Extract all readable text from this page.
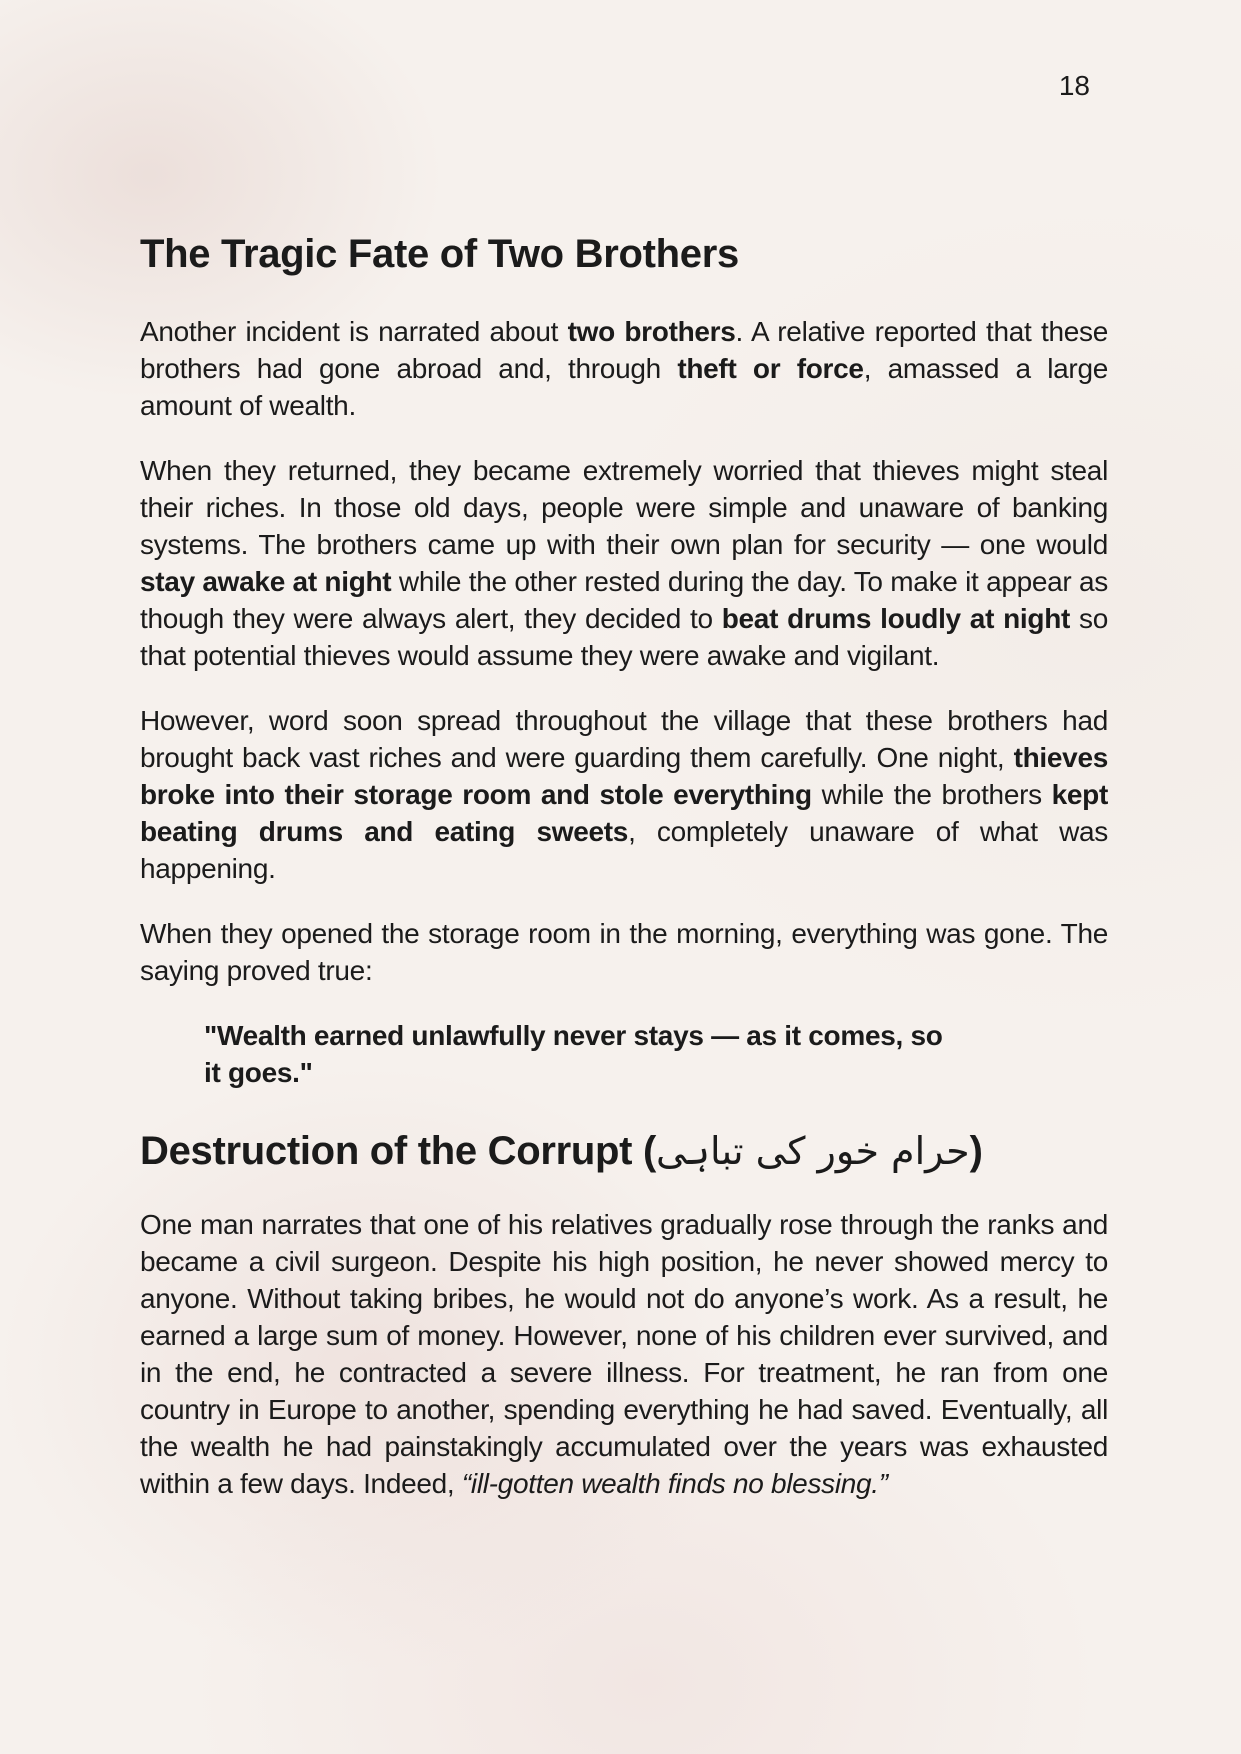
18
The Tragic Fate of Two Brothers

Another incident is narrated about two brothers. A relative reported that these brothers had gone abroad and, through theft or force, amassed a large amount of wealth.

When they returned, they became extremely worried that thieves might steal their riches. In those old days, people were simple and unaware of banking systems. The brothers came up with their own plan for security — one would stay awake at night while the other rested during the day. To make it appear as though they were always alert, they decided to beat drums loudly at night so that potential thieves would assume they were awake and vigilant.

However, word soon spread throughout the village that these brothers had brought back vast riches and were guarding them carefully. One night, thieves broke into their storage room and stole everything while the brothers kept beating drums and eating sweets, completely unaware of what was happening.

When they opened the storage room in the morning, everything was gone. The saying proved true:

"Wealth earned unlawfully never stays — as it comes, so it goes."
Destruction of the Corrupt (حرام خور کی تباہی)

One man narrates that one of his relatives gradually rose through the ranks and became a civil surgeon. Despite his high position, he never showed mercy to anyone. Without taking bribes, he would not do anyone’s work. As a result, he earned a large sum of money. However, none of his children ever survived, and in the end, he contracted a severe illness. For treatment, he ran from one country in Europe to another, spending everything he had saved. Eventually, all the wealth he had painstakingly accumulated over the years was exhausted within a few days. Indeed, “ill-gotten wealth finds no blessing.”
